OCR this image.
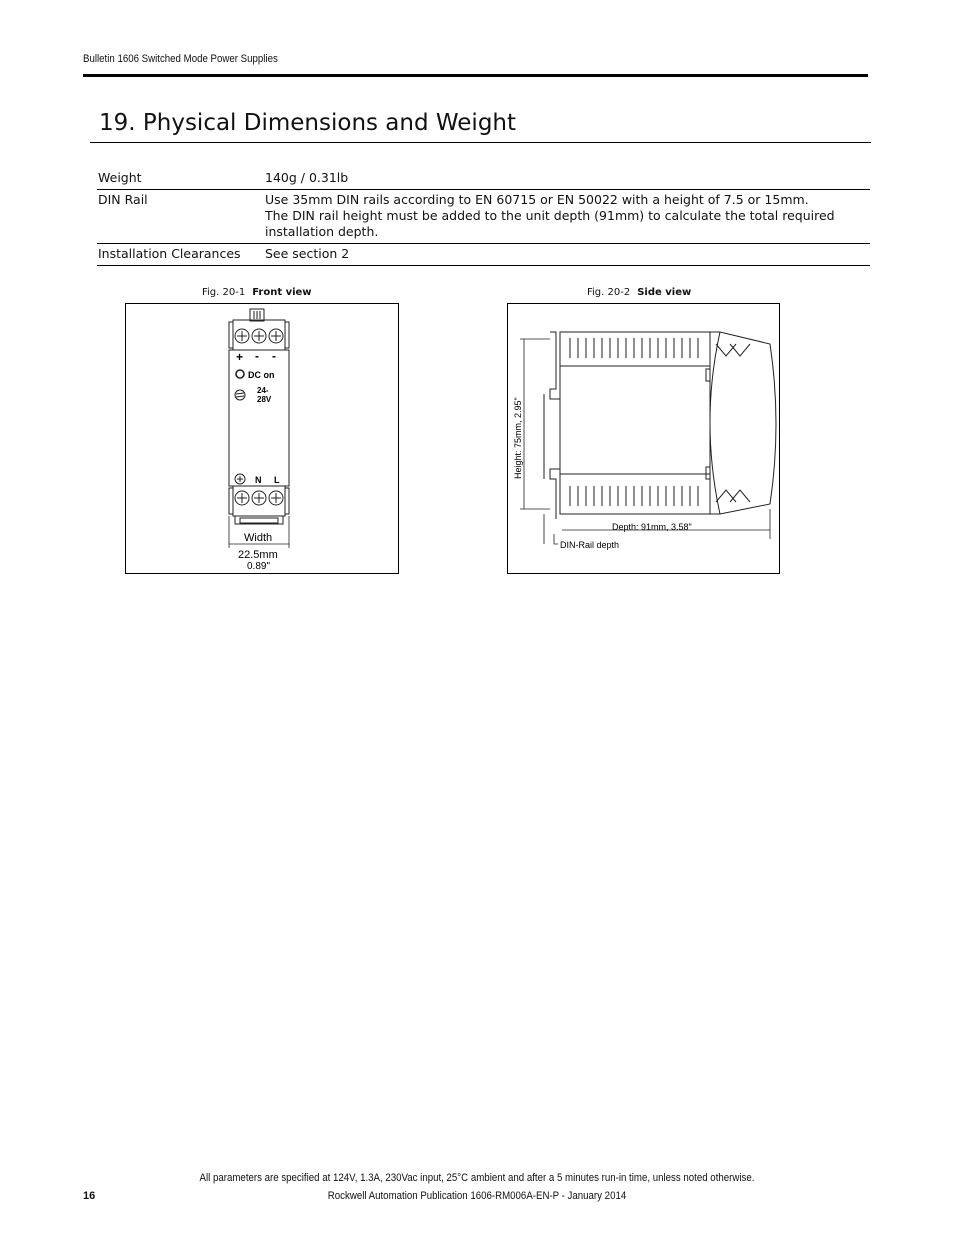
Bulletin 1606 Switched Mode Power Supplies
19. Physical Dimensions and Weight
Weight	140g / 0.31lb
DIN Rail	Use 35mm DIN rails according to EN 60715 or EN 50022 with a height of 7.5 or 15mm.
The DIN rail height must be added to the unit depth (91mm) to calculate the total required installation depth.
Installation Clearances	See section 2
Fig. 20-1 Front view
+ - -
DC on
24-
28V
N L
Width
22.5mm
0.89"
Fig. 20-2 Side view
Height: 75mm, 2.95"
Depth: 91mm, 3.58"
DIN-Rail depth
All parameters are specified at 124V, 1.3A, 230Vac input, 25°C ambient and after a 5 minutes run-in time, unless noted otherwise.
16	Rockwell Automation Publication 1606-RM006A-EN-P - January 2014
